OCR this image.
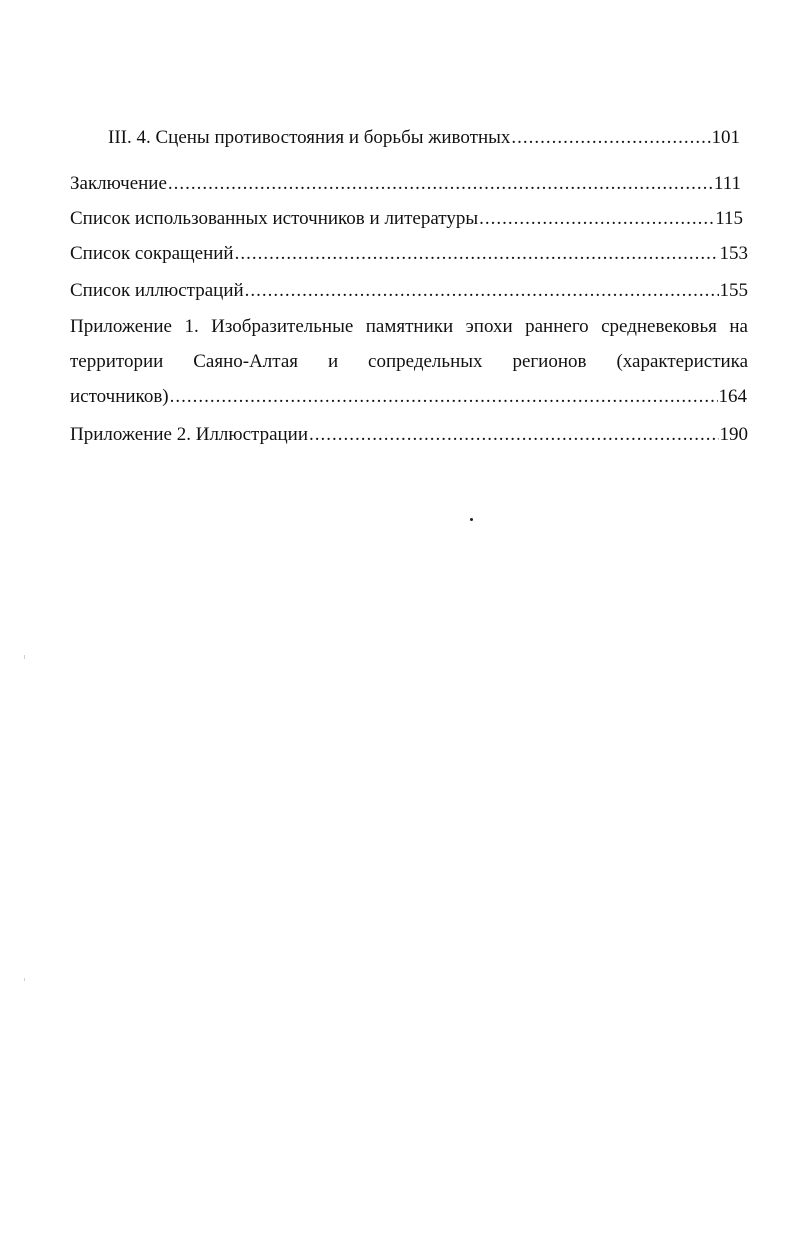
III. 4. Сцены противостояния и борьбы животных .....	101
Заключение .....	111
Список использованных источников и литературы .....	115
Список сокращений .....	153
Список иллюстраций .....	155
Приложение 1. Изобразительные памятники эпохи раннего средневековья на
территории Саяно-Алтая и сопредельных регионов (характеристика
источников) .....	164
Приложение 2. Иллюстрации .....	190
